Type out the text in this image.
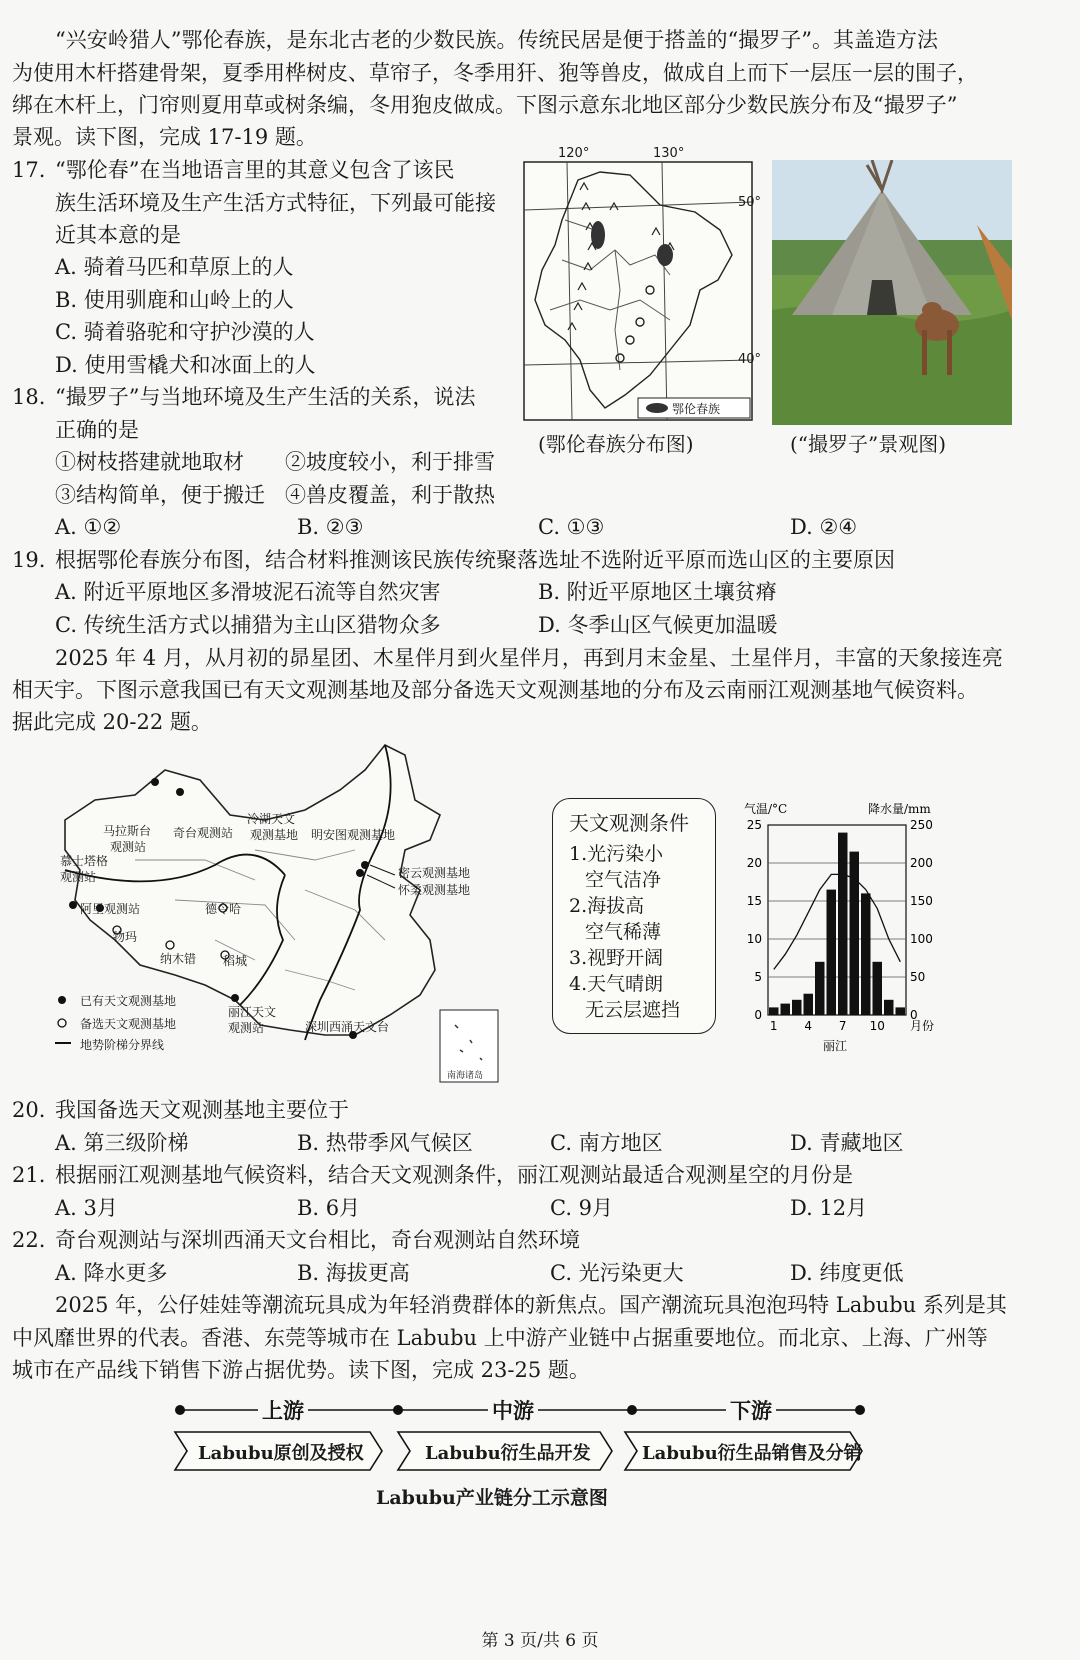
“兴安岭猎人”鄂伦春族，是东北古老的少数民族。传统民居是便于搭盖的“撮罗子”。其盖造方法
为使用木杆搭建骨架，夏季用桦树皮、草帘子，冬季用犴、狍等兽皮，做成自上而下一层压一层的围子，
绑在木杆上，门帘则夏用草或树条编，冬用狍皮做成。下图示意东北地区部分少数民族分布及“撮罗子”
景观。读下图，完成 17-19 题。
17. “鄂伦春”在当地语言里的其意义包含了该民
族生活环境及生产生活方式特征，下列最可能接
近其本意的是
A. 骑着马匹和草原上的人
B. 使用驯鹿和山岭上的人
C. 骑着骆驼和守护沙漠的人
D. 使用雪橇犬和冰面上的人
18. “撮罗子”与当地环境及生产生活的关系，说法
正确的是
①树枝搭建就地取材 ②坡度较小，利于排雪
③结构简单，便于搬迁 ④兽皮覆盖，利于散热
A. ①②	B. ②③	C. ①③	D. ②④
120°	130°
50°
40°
鄂伦春族
(鄂伦春族分布图)	(“撮罗子”景观图)
19. 根据鄂伦春族分布图，结合材料推测该民族传统聚落选址不选附近平原而选山区的主要原因
A. 附近平原地区多滑坡泥石流等自然灾害	B. 附近平原地区土壤贫瘠
C. 传统生活方式以捕猎为主山区猎物众多	D. 冬季山区气候更加温暖
2025 年 4 月，从月初的昴星团、木星伴月到火星伴月，再到月末金星、土星伴月，丰富的天象接连亮
相天宇。下图示意我国已有天文观测基地及部分备选天文观测基地的分布及云南丽江观测基地气候资料。
据此完成 20-22 题。
马拉斯台
观测站
奇台观测站
冷湖天文
观测基地 明安图观测基地
慕士塔格
观测站	密云观测基地
怀柔观测基地
阿里观测站	德令哈
物玛
纳木错 稻城
丽江天文
观测站	深圳西涌天文台
南海诸岛
已有天文观测基地
备选天文观测基地
地势阶梯分界线
天文观测条件
1.光污染小
空气洁净
2.海拔高
空气稀薄
3.视野开阔
4.天气晴朗
无云层遮挡	0
5
10
15
20
25
0
50
100
150
200
250
1 4 7 10 月份
气温/°C	降水量/mm
丽江
20. 我国备选天文观测基地主要位于
A. 第三级阶梯	B. 热带季风气候区	C. 南方地区	D. 青藏地区
21. 根据丽江观测基地气候资料，结合天文观测条件，丽江观测站最适合观测星空的月份是
A. 3月	B. 6月	C. 9月	D. 12月
22. 奇台观测站与深圳西涌天文台相比，奇台观测站自然环境
A. 降水更多	B. 海拔更高	C. 光污染更大	D. 纬度更低
2025 年，公仔娃娃等潮流玩具成为年轻消费群体的新焦点。国产潮流玩具泡泡玛特 Labubu 系列是其
中风靡世界的代表。香港、东莞等城市在 Labubu 上中游产业链中占据重要地位。而北京、上海、广州等
城市在产品线下销售下游占据优势。读下图，完成 23-25 题。
上游	中游	下游
Labubu原创及授权	Labubu衍生品开发	Labubu衍生品销售及分销
Labubu产业链分工示意图
第 3 页/共 6 页
